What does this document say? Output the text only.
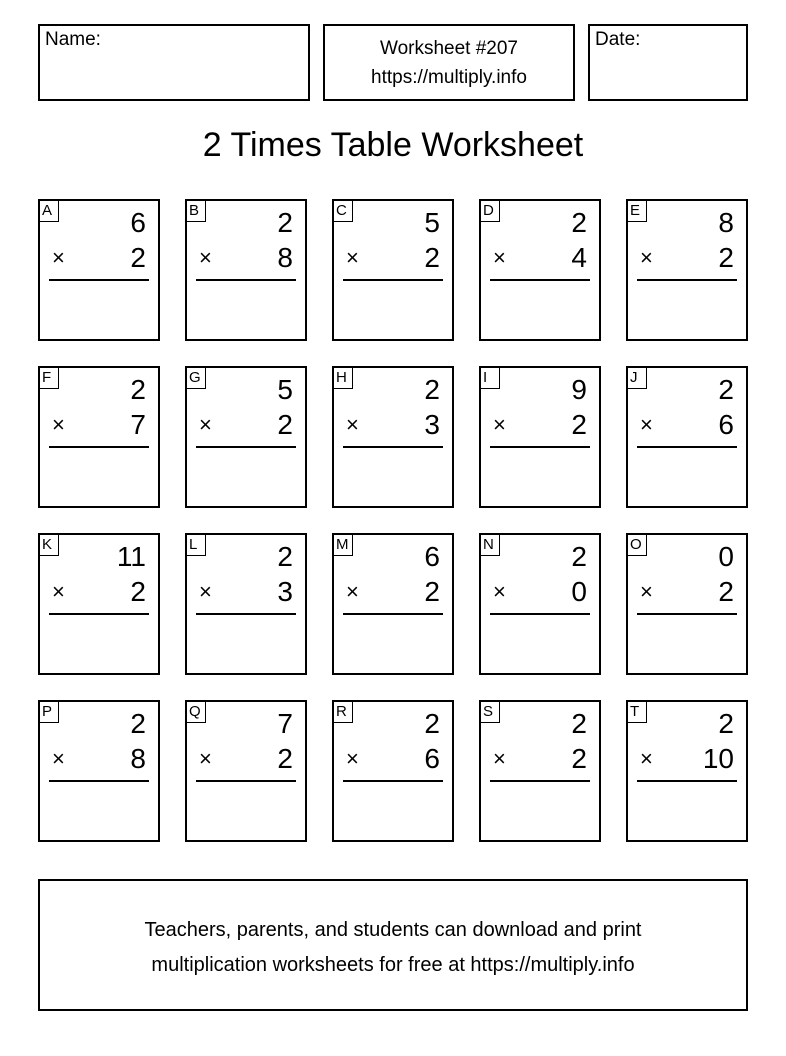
Name:	Worksheet #207
https://multiply.info
Date:
2 Times Table Worksheet
A	6
× 2
B	2
× 8
C	5
× 2
D	2
× 4
E	8
× 2
F	2
× 7
G	5
× 2
H	2
× 3
I	9
× 2
J	2
× 6
K 11
× 2
L	2
× 3
M	6
× 2
N	2
× 0
O	0
× 2
P	2
× 8
Q	7
× 2
R	2
× 6
S	2
× 2
T	2
× 10
Teachers, parents, and students can download and print
multiplication worksheets for free at https://multiply.info
